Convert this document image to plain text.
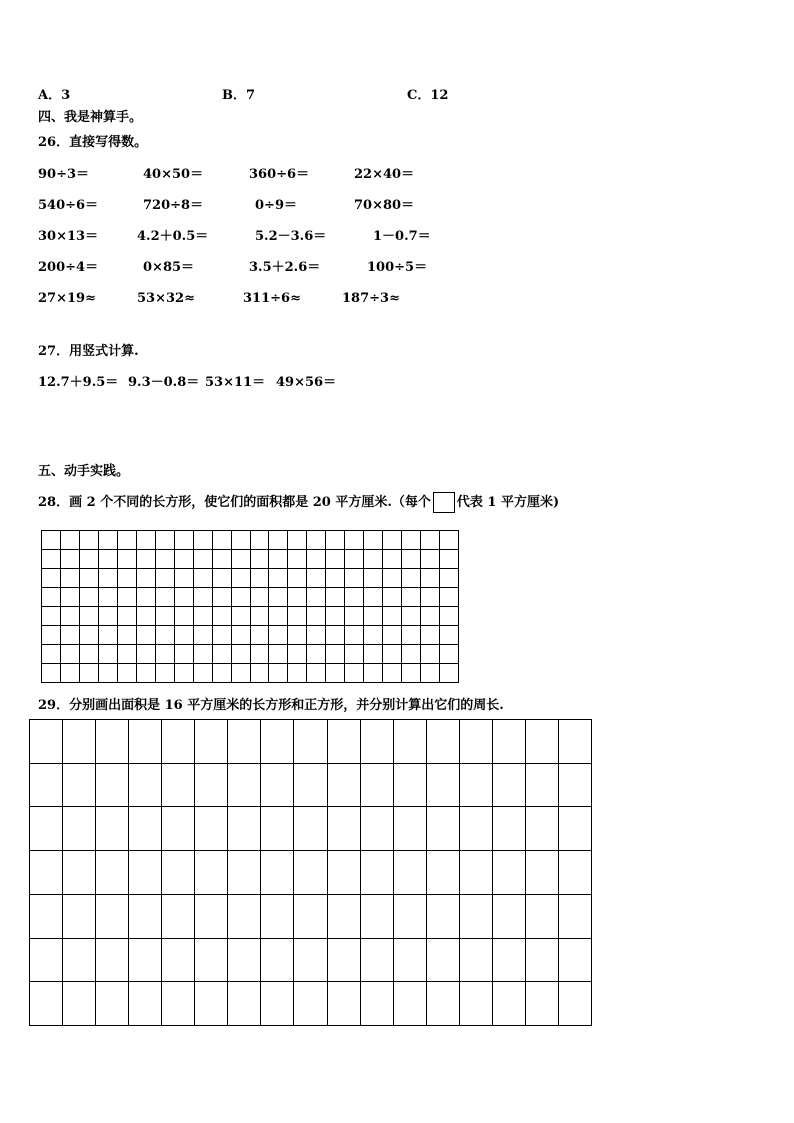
A．3	B．7	C．12
四、我是神算手。
26．直接写得数。
90÷3＝	40×50＝	360÷6＝	22×40＝
540÷6＝	720÷8＝	0÷9＝	70×80＝
30×13＝	4.2＋0.5＝	5.2－3.6＝	1－0.7＝
200÷4＝	0×85＝	3.5＋2.6＝	100÷5＝
27×19≈	53×32≈	311÷6≈	187÷3≈
27．用竖式计算.
12.7＋9.5＝ 9.3－0.8＝ 53×11＝ 49×56＝
五、动手实践。
28．画 2 个不同的长方形，使它们的面积都是 20 平方厘米.（每个 代表 1 平方厘米)
29．分别画出面积是 16 平方厘米的长方形和正方形，并分别计算出它们的周长.
